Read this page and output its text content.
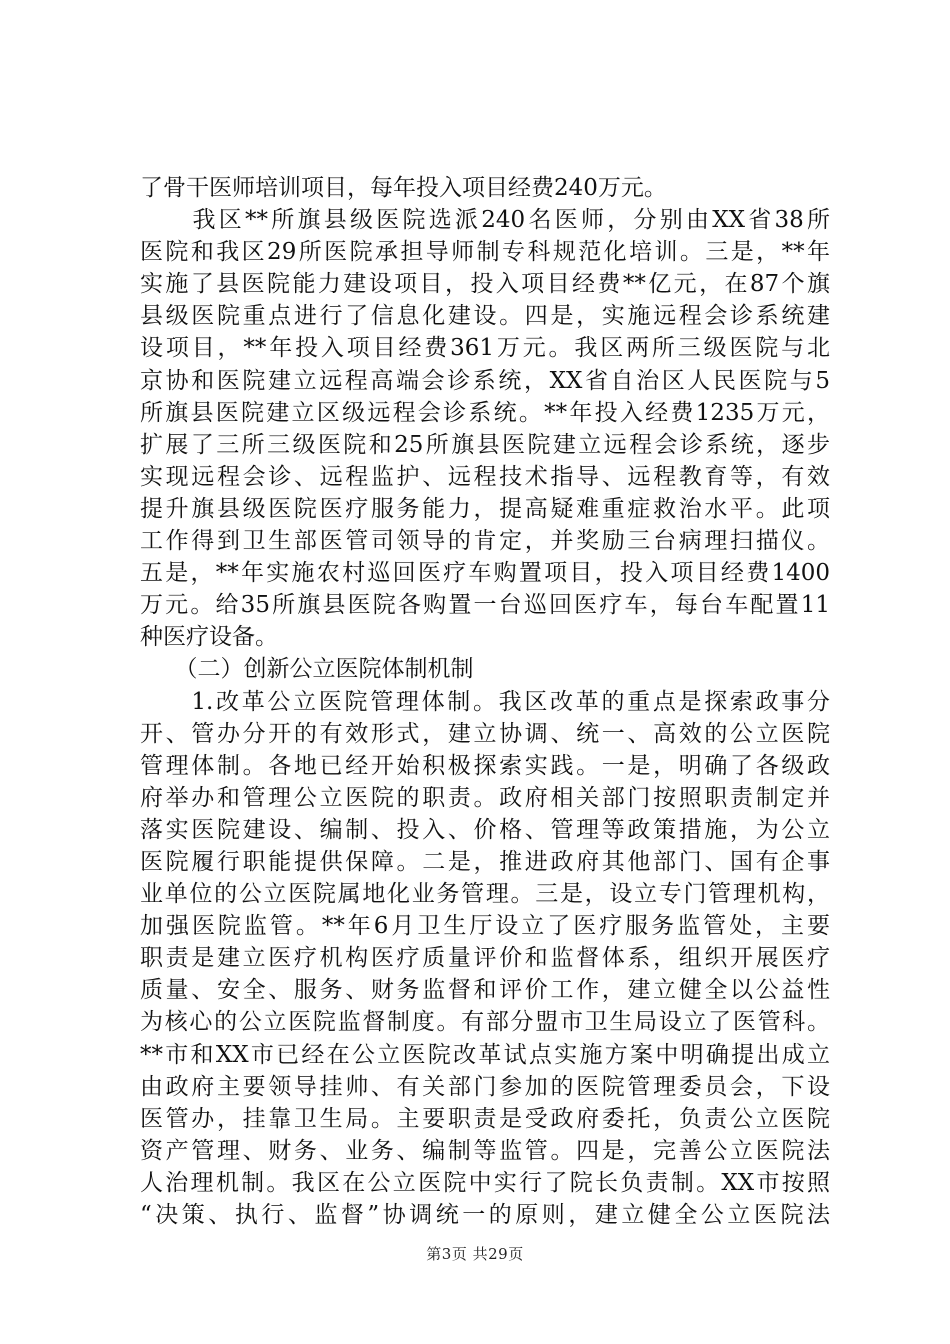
了骨干医师培训项目，每年投入项目经费240万元。
　　我区**所旗县级医院选派240名医师，分别由XX省38所
医院和我区29所医院承担导师制专科规范化培训。三是，**年
实施了县医院能力建设项目，投入项目经费**亿元，在87个旗
县级医院重点进行了信息化建设。四是，实施远程会诊系统建
设项目，**年投入项目经费361万元。我区两所三级医院与北
京协和医院建立远程高端会诊系统，XX省自治区人民医院与5
所旗县医院建立区级远程会诊系统。**年投入经费1235万元，
扩展了三所三级医院和25所旗县医院建立远程会诊系统，逐步
实现远程会诊、远程监护、远程技术指导、远程教育等，有效
提升旗县级医院医疗服务能力，提高疑难重症救治水平。此项
工作得到卫生部医管司领导的肯定，并奖励三台病理扫描仪。
五是，**年实施农村巡回医疗车购置项目，投入项目经费1400
万元。给35所旗县医院各购置一台巡回医疗车，每台车配置11
种医疗设备。
　　（二）创新公立医院体制机制
　　1.改革公立医院管理体制。我区改革的重点是探索政事分
开、管办分开的有效形式，建立协调、统一、高效的公立医院
管理体制。各地已经开始积极探索实践。一是，明确了各级政
府举办和管理公立医院的职责。政府相关部门按照职责制定并
落实医院建设、编制、投入、价格、管理等政策措施，为公立
医院履行职能提供保障。二是，推进政府其他部门、国有企事
业单位的公立医院属地化业务管理。三是，设立专门管理机构，
加强医院监管。**年6月卫生厅设立了医疗服务监管处，主要
职责是建立医疗机构医疗质量评价和监督体系，组织开展医疗
质量、安全、服务、财务监督和评价工作，建立健全以公益性
为核心的公立医院监督制度。有部分盟市卫生局设立了医管科。
**市和XX市已经在公立医院改革试点实施方案中明确提出成立
由政府主要领导挂帅、有关部门参加的医院管理委员会，下设
医管办，挂靠卫生局。主要职责是受政府委托，负责公立医院
资产管理、财务、业务、编制等监管。四是，完善公立医院法
人治理机制。我区在公立医院中实行了院长负责制。XX市按照
“决策、执行、监督”协调统一的原则，建立健全公立医院法
第3页 共29页
